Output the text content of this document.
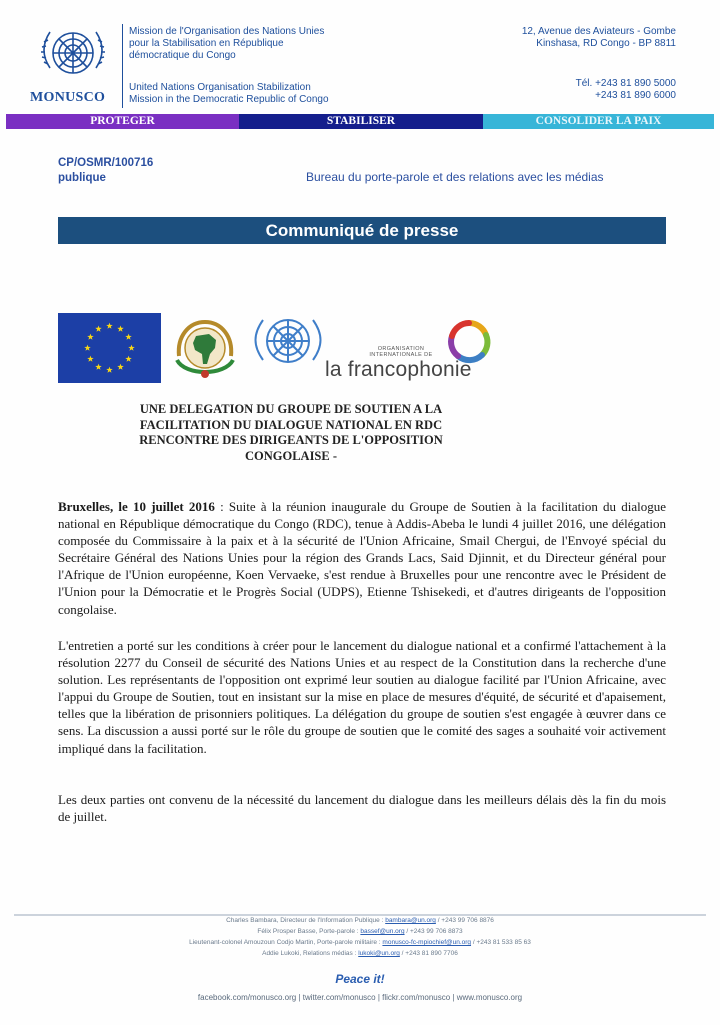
MONUSCO
Mission de l'Organisation des Nations Unies
pour la Stabilisation en République
démocratique du Congo
United Nations Organisation Stabilization
Mission in the Democratic Republic of Congo
12, Avenue des Aviateurs - Gombe
Kinshasa, RD Congo - BP 8811
Tél. +243 81 890 5000
+243 81 890 6000
PROTEGER	STABILISER	CONSOLIDER LA PAIX
CP/OSMR/100716
publique	Bureau du porte-parole et des relations avec les médias
Communiqué de presse
ORGANISATION
INTERNATIONALE DE
la francophonie
UNE DELEGATION DU GROUPE DE SOUTIEN A LA
FACILITATION DU DIALOGUE NATIONAL EN RDC
RENCONTRE DES DIRIGEANTS DE L'OPPOSITION
CONGOLAISE -
Bruxelles, le 10 juillet 2016 : Suite à la réunion inaugurale du Groupe de Soutien à la facilitation du dialogue national en République démocratique du Congo (RDC), tenue à Addis-Abeba le lundi 4 juillet 2016, une délégation composée du Commissaire à la paix et à la sécurité de l'Union Africaine, Smail Chergui, de l'Envoyé spécial du Secrétaire Général des Nations Unies pour la région des Grands Lacs, Said Djinnit, et du Directeur général pour l'Afrique de l'Union européenne, Koen Vervaeke, s'est rendue à Bruxelles pour une rencontre avec le Président de l'Union pour la Démocratie et le Progrès Social (UDPS), Etienne Tshisekedi, et d'autres dirigeants de l'opposition congolaise.
L'entretien a porté sur les conditions à créer pour le lancement du dialogue national et a confirmé l'attachement à la résolution 2277 du Conseil de sécurité des Nations Unies et au respect de la Constitution dans la recherche d'une solution. Les représentants de l'opposition ont exprimé leur soutien au dialogue facilité par l'Union Africaine, avec l'appui du Groupe de Soutien, tout en insistant sur la mise en place de mesures d'équité, de sécurité et d'apaisement, telles que la libération de prisonniers politiques. La délégation du groupe de soutien s'est engagée à œuvrer dans ce sens. La discussion a aussi porté sur le rôle du groupe de soutien que le comité des sages a souhaité voir activement impliqué dans la facilitation.
Les deux parties ont convenu de la nécessité du lancement du dialogue dans les meilleurs délais dès la fin du mois de juillet.
Charles Bambara, Directeur de l'Information Publique : bambara@un.org / +243 99 706 8876
Félix Prosper Basse, Porte-parole : bassef@un.org / +243 99 706 8873
Lieutenant-colonel Amouzoun Codjo Martin, Porte-parole militaire : monusco-fc-mpiochief@un.org / +243 81 533 85 63
Addie Lukoki, Relations médias : lukoki@un.org / +243 81 890 7706
Peace it!
facebook.com/monusco.org | twitter.com/monusco | flickr.com/monusco | www.monusco.org
